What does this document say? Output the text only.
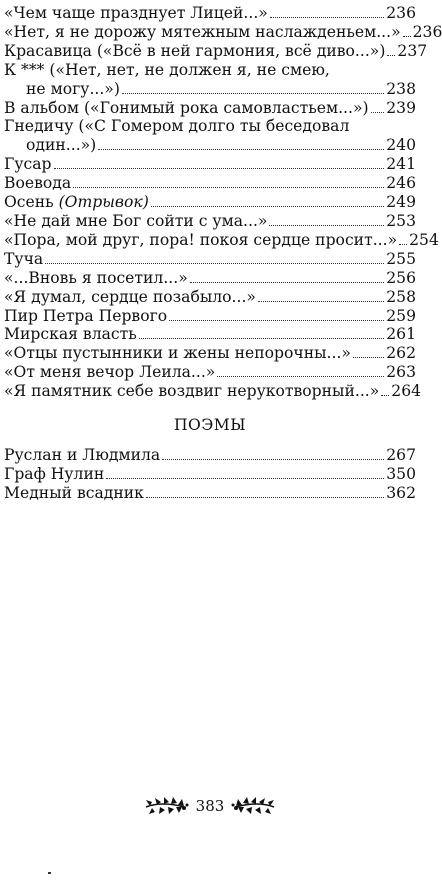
«Чем чаще празднует Лицей...»	236
«Нет, я не дорожу мятежным наслажденьем...» 236
Красавица («Всё в ней гармония, всё диво...») 237
К *** («Нет, нет, не должен я, не смею,
не могу...»)	238
В альбом («Гонимый рока самовластьем...») 239
Гнедичу («С Гомером долго ты беседовал
один...»)	240
Гусар	241
Воевода	246
Осень (Отрывок)	249
«Не дай мне Бог сойти с ума...»	253
«Пора, мой друг, пора! покоя сердце просит...» 254
Туча	255
«...Вновь я посетил...»	256
«Я думал, сердце позабыло...»	258
Пир Петра Первого	259
Мирская власть	261
«Отцы пустынники и жены непорочны...» 262
«От меня вечор Леила...»	263
«Я памятник себе воздвиг нерукотворный...» 264
ПОЭМЫ
Руслан и Людмила	267
Граф Нулин	350
Медный всадник	362
383
